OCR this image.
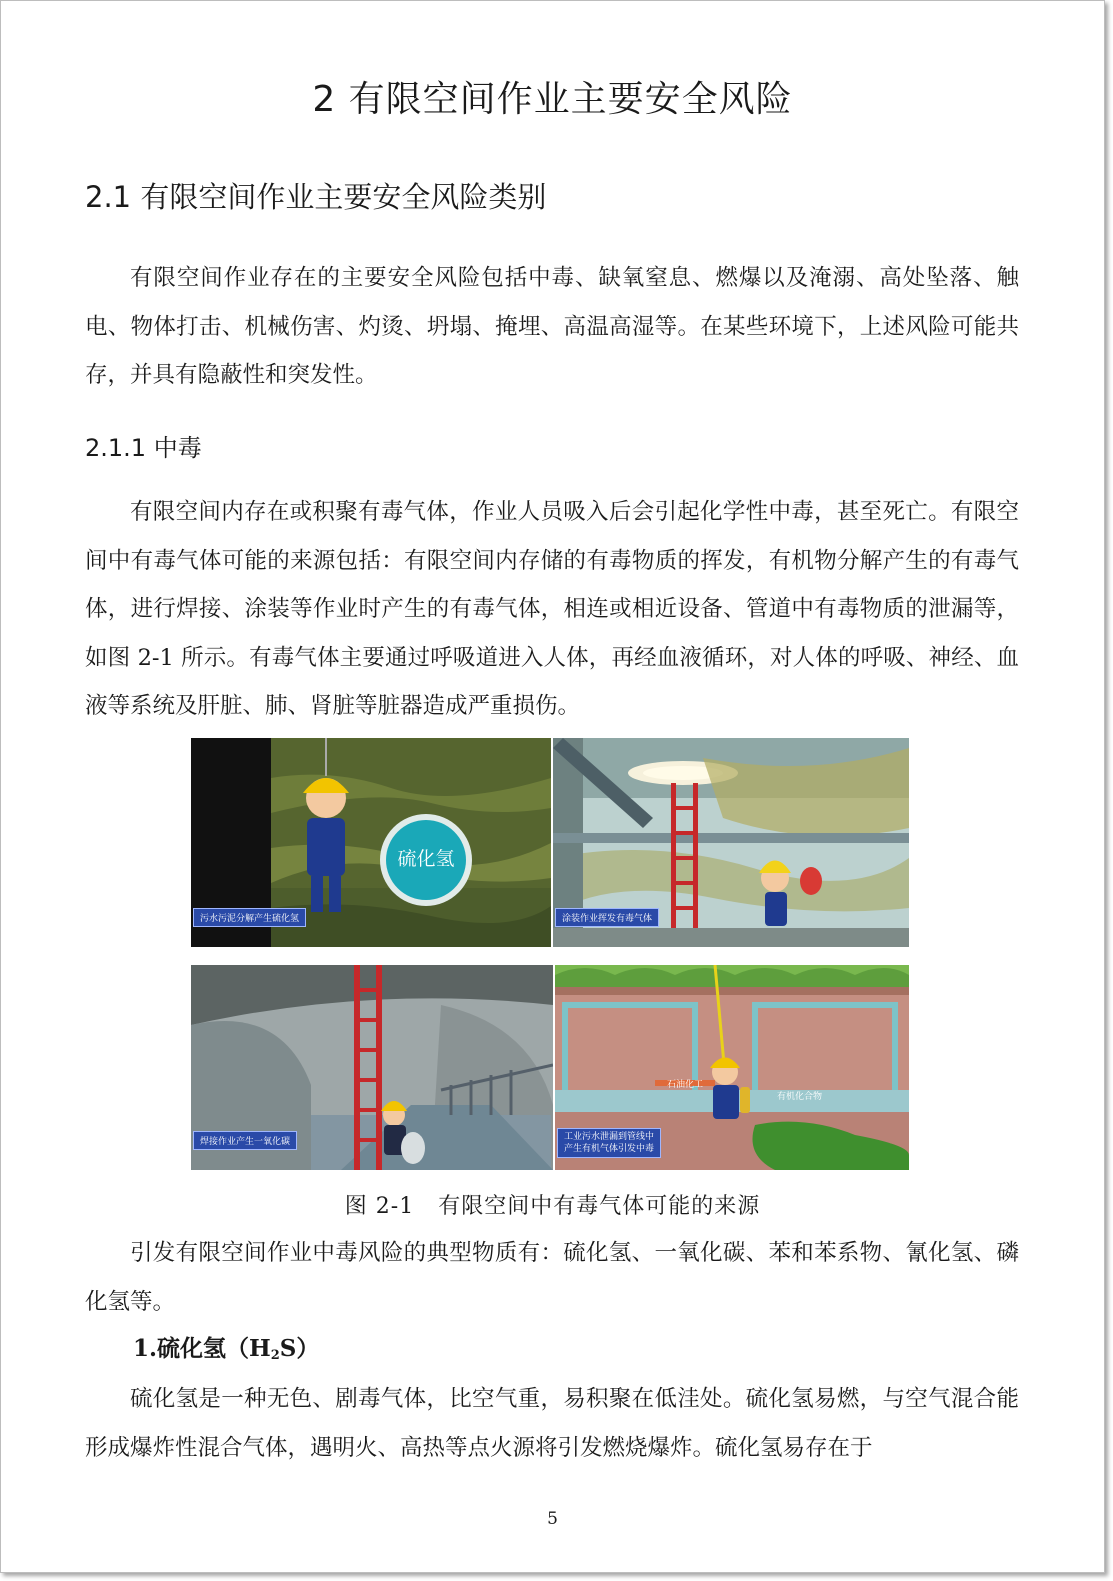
2 有限空间作业主要安全风险
2.1 有限空间作业主要安全风险类别

有限空间作业存在的主要安全风险包括中毒、缺氧窒息、燃爆以及淹溺、高处坠落、触电、物体打击、机械伤害、灼烫、坍塌、掩埋、高温高湿等。在某些环境下，上述风险可能共存，并具有隐蔽性和突发性。

2.1.1 中毒

有限空间内存在或积聚有毒气体，作业人员吸入后会引起化学性中毒，甚至死亡。有限空间中有毒气体可能的来源包括：有限空间内存储的有毒物质的挥发，有机物分解产生的有毒气体，进行焊接、涂装等作业时产生的有毒气体，相连或相近设备、管道中有毒物质的泄漏等，如图 2-1 所示。有毒气体主要通过呼吸道进入人体，再经血液循环，对人体的呼吸、神经、血液等系统及肝脏、肺、肾脏等脏器造成严重损伤。

硫化氢
污水污泥分解产生硫化氢	涂装作业挥发有毒气体
焊接作业产生一氧化碳
石油化工
有机化合物
工业污水泄漏到管线中
产生有机气体引发中毒
图 2-1 有限空间中有毒气体可能的来源

引发有限空间作业中毒风险的典型物质有：硫化氢、一氧化碳、苯和苯系物、氰化氢、磷化氢等。

1.硫化氢$(H_2S)$

硫化氢是一种无色、剧毒气体，比空气重，易积聚在低洼处。硫化氢易燃，与空气混合能形成爆炸性混合气体，遇明火、高热等点火源将引发燃烧爆炸。硫化氢易存在于

5
